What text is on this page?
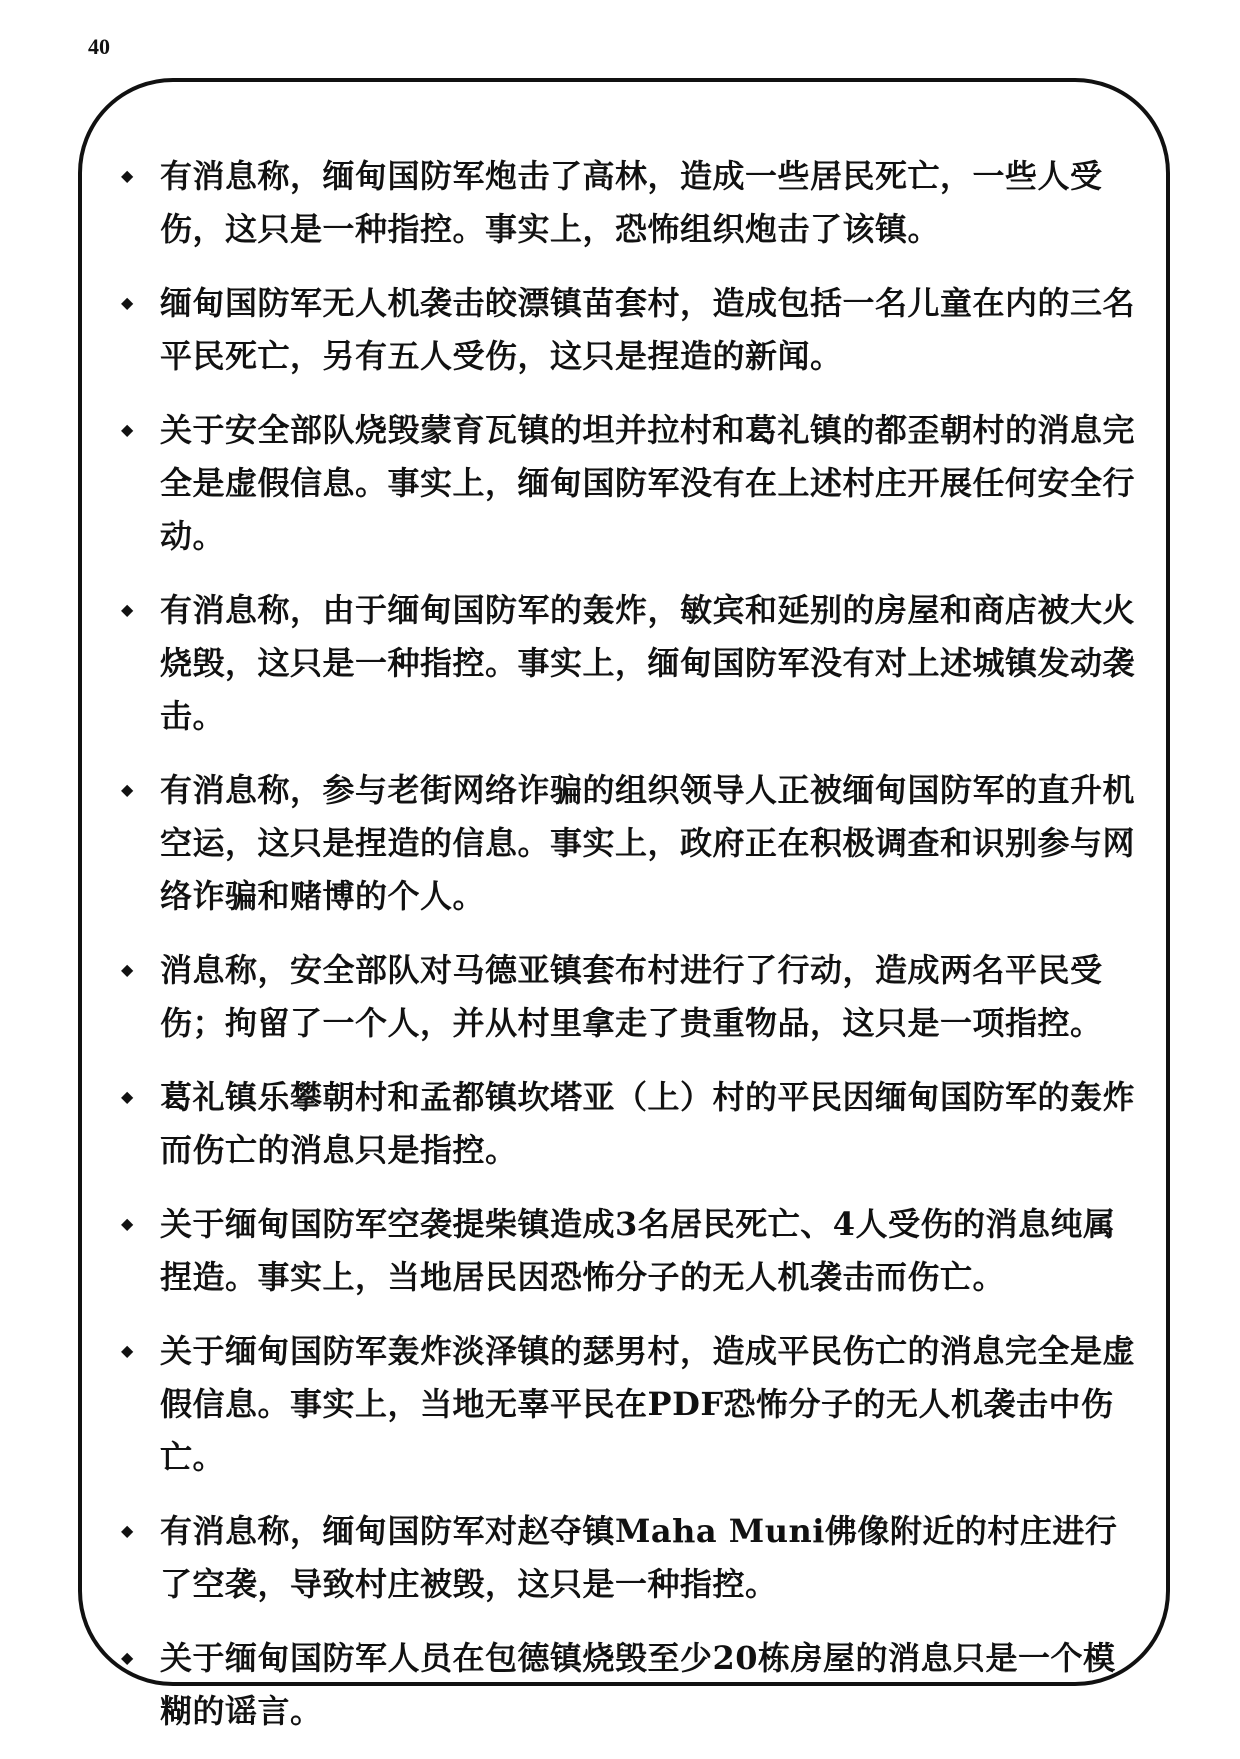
40
◆ 有消息称，缅甸国防军炮击了高林，造成一些居民死亡，一些人受伤，这只是一种指控。事实上，恐怖组织炮击了该镇。
◆ 缅甸国防军无人机袭击皎漂镇苗套村，造成包括一名儿童在内的三名平民死亡，另有五人受伤，这只是捏造的新闻。
◆ 关于安全部队烧毁蒙育瓦镇的坦并拉村和葛礼镇的都歪朝村的消息完全是虚假信息。事实上，缅甸国防军没有在上述村庄开展任何安全行动。
◆ 有消息称，由于缅甸国防军的轰炸，敏宾和延别的房屋和商店被大火烧毁，这只是一种指控。事实上，缅甸国防军没有对上述城镇发动袭击。
◆ 有消息称，参与老街网络诈骗的组织领导人正被缅甸国防军的直升机空运，这只是捏造的信息。事实上，政府正在积极调查和识别参与网络诈骗和赌博的个人。
◆ 消息称，安全部队对马德亚镇套布村进行了行动，造成两名平民受伤；拘留了一个人，并从村里拿走了贵重物品，这只是一项指控。
◆ 葛礼镇乐攀朝村和孟都镇坎塔亚（上）村的平民因缅甸国防军的轰炸而伤亡的消息只是指控。
◆ 关于缅甸国防军空袭提柴镇造成3名居民死亡、4人受伤的消息纯属捏造。事实上，当地居民因恐怖分子的无人机袭击而伤亡。
◆ 关于缅甸国防军轰炸淡泽镇的瑟男村，造成平民伤亡的消息完全是虚假信息。事实上，当地无辜平民在PDF恐怖分子的无人机袭击中伤亡。
◆ 有消息称，缅甸国防军对赵夺镇Maha Muni佛像附近的村庄进行了空袭，导致村庄被毁，这只是一种指控。
◆ 关于缅甸国防军人员在包德镇烧毁至少20栋房屋的消息只是一个模糊的谣言。
